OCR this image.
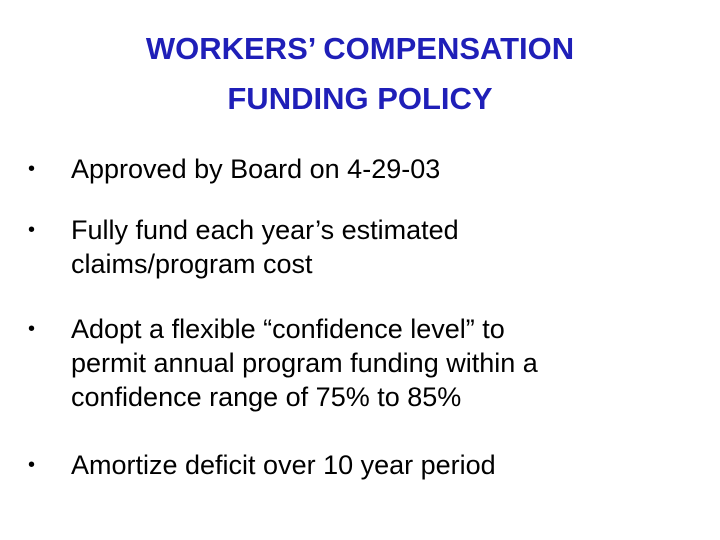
WORKERS’ COMPENSATION
FUNDING POLICY
•	Approved by Board on 4-29-03
•	Fully fund each year’s estimated
claims/program cost
•	Adopt a flexible “confidence level” to
permit annual program funding within a
confidence range of 75% to 85%
•	Amortize deficit over 10 year period
